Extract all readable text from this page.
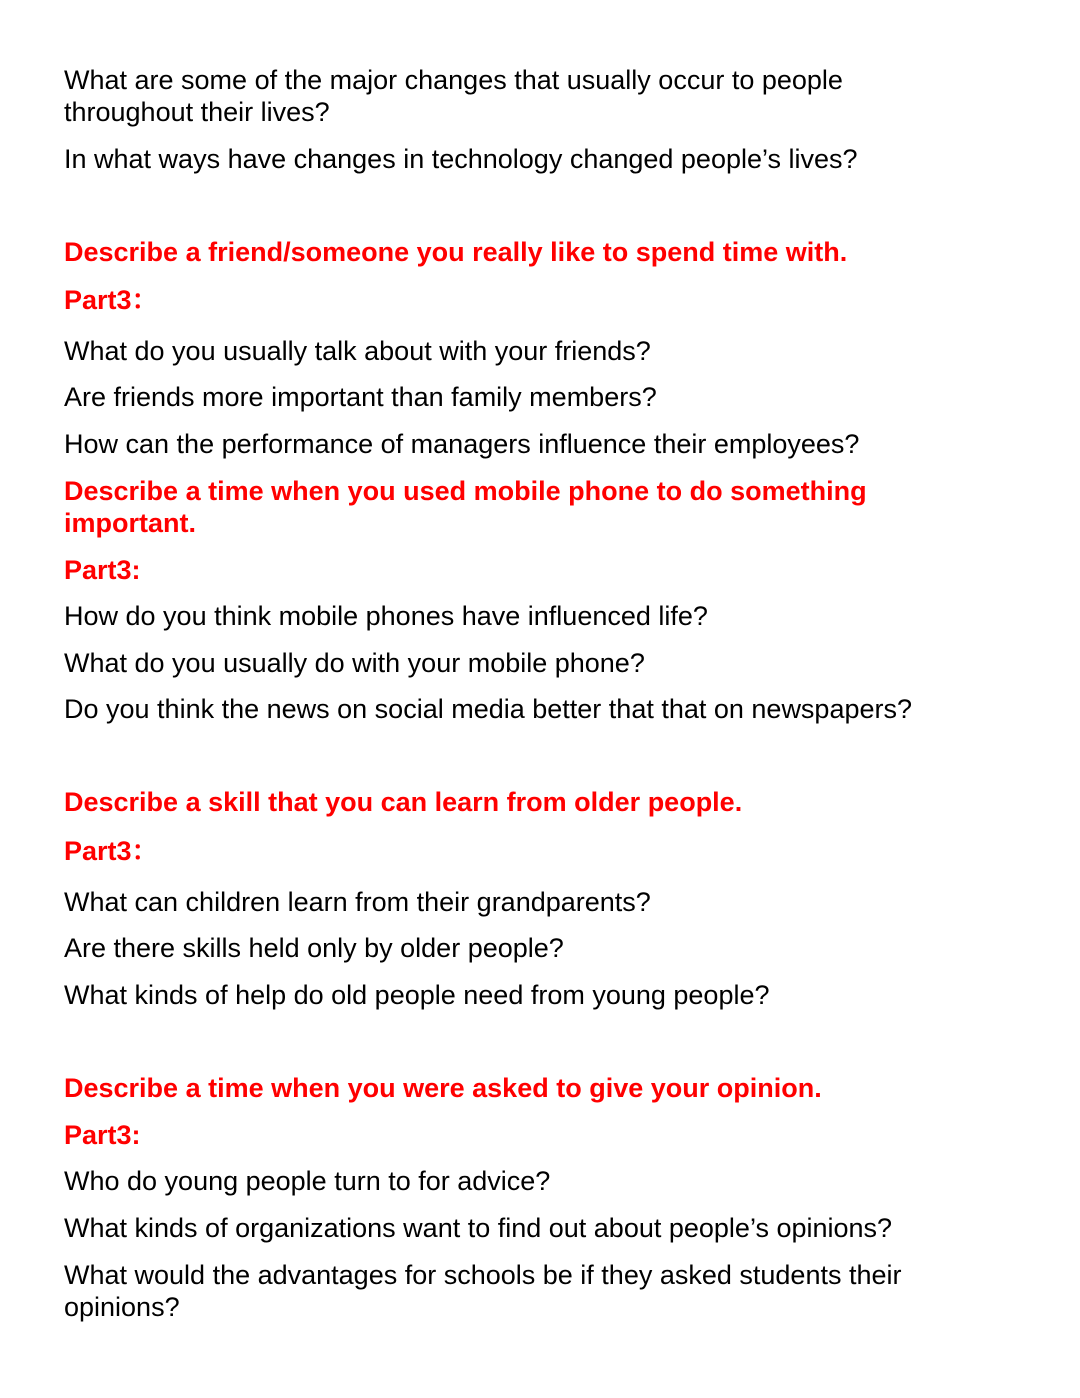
What are some of the major changes that usually occur to people
throughout their lives?
In what ways have changes in technology changed people’s lives?
Describe a friend/someone you really like to spend time with.
Part3：
What do you usually talk about with your friends?
Are friends more important than family members?
How can the performance of managers influence their employees?
Describe a time when you used mobile phone to do something
important.
Part3:
How do you think mobile phones have influenced life?
What do you usually do with your mobile phone?
Do you think the news on social media better that that on newspapers?
Describe a skill that you can learn from older people.
Part3：
What can children learn from their grandparents?
Are there skills held only by older people?
What kinds of help do old people need from young people?
Describe a time when you were asked to give your opinion.
Part3:
Who do young people turn to for advice?
What kinds of organizations want to find out about people’s opinions?
What would the advantages for schools be if they asked students their
opinions?
